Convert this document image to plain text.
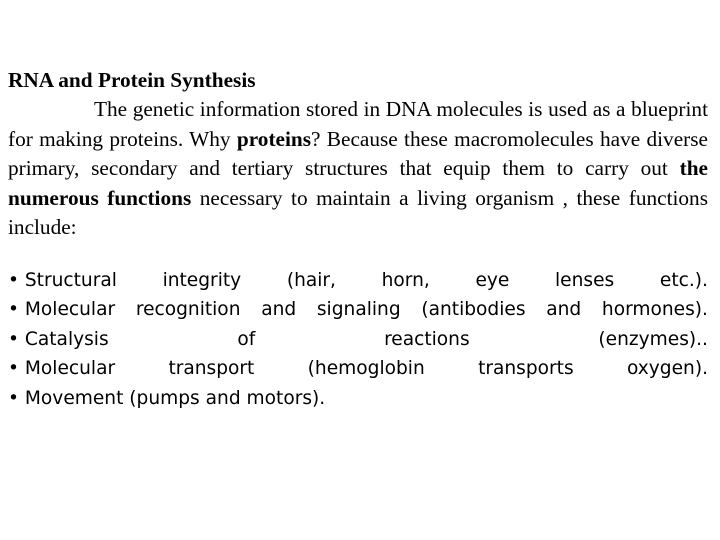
RNA and Protein Synthesis

The genetic information stored in DNA molecules is used as a blueprint for making proteins. Why proteins? Because these macromolecules have diverse primary, secondary and tertiary structures that equip them to carry out the numerous functions necessary to maintain a living organism , these functions include:

• Structural integrity (hair, horn, eye lenses etc.).
• Molecular recognition and signaling (antibodies and hormones).
• Catalysis	of	reactions	(enzymes)..
• Molecular	transport	(hemoglobin	transports	oxygen).
• Movement (pumps and motors).
